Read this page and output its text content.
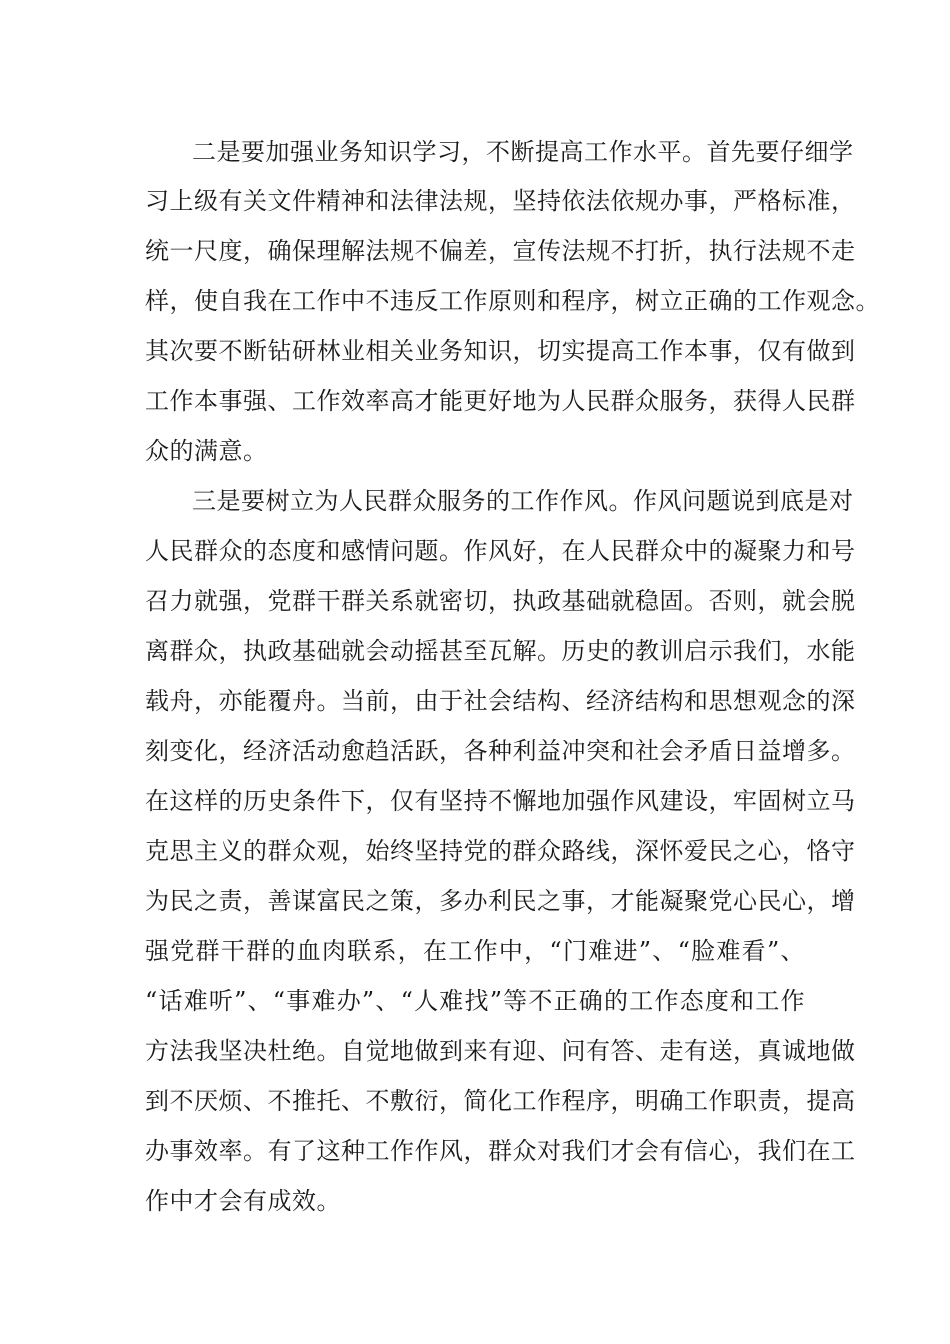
二是要加强业务知识学习，不断提高工作水平。首先要仔细学
习上级有关文件精神和法律法规，坚持依法依规办事，严格标准，
统一尺度，确保理解法规不偏差，宣传法规不打折，执行法规不走
样，使自我在工作中不违反工作原则和程序，树立正确的工作观念。
其次要不断钻研林业相关业务知识，切实提高工作本事，仅有做到
工作本事强、工作效率高才能更好地为人民群众服务，获得人民群
众的满意。
三是要树立为人民群众服务的工作作风。作风问题说到底是对
人民群众的态度和感情问题。作风好，在人民群众中的凝聚力和号
召力就强，党群干群关系就密切，执政基础就稳固。否则，就会脱
离群众，执政基础就会动摇甚至瓦解。历史的教训启示我们，水能
载舟，亦能覆舟。当前，由于社会结构、经济结构和思想观念的深
刻变化，经济活动愈趋活跃，各种利益冲突和社会矛盾日益增多。
在这样的历史条件下，仅有坚持不懈地加强作风建设，牢固树立马
克思主义的群众观，始终坚持党的群众路线，深怀爱民之心，恪守
为民之责，善谋富民之策，多办利民之事，才能凝聚党心民心，增
强党群干群的血肉联系，在工作中，“门难进”、“脸难看”、
“话难听”、“事难办”、“人难找”等不正确的工作态度和工作
方法我坚决杜绝。自觉地做到来有迎、问有答、走有送，真诚地做
到不厌烦、不推托、不敷衍，简化工作程序，明确工作职责，提高
办事效率。有了这种工作作风，群众对我们才会有信心，我们在工
作中才会有成效。
